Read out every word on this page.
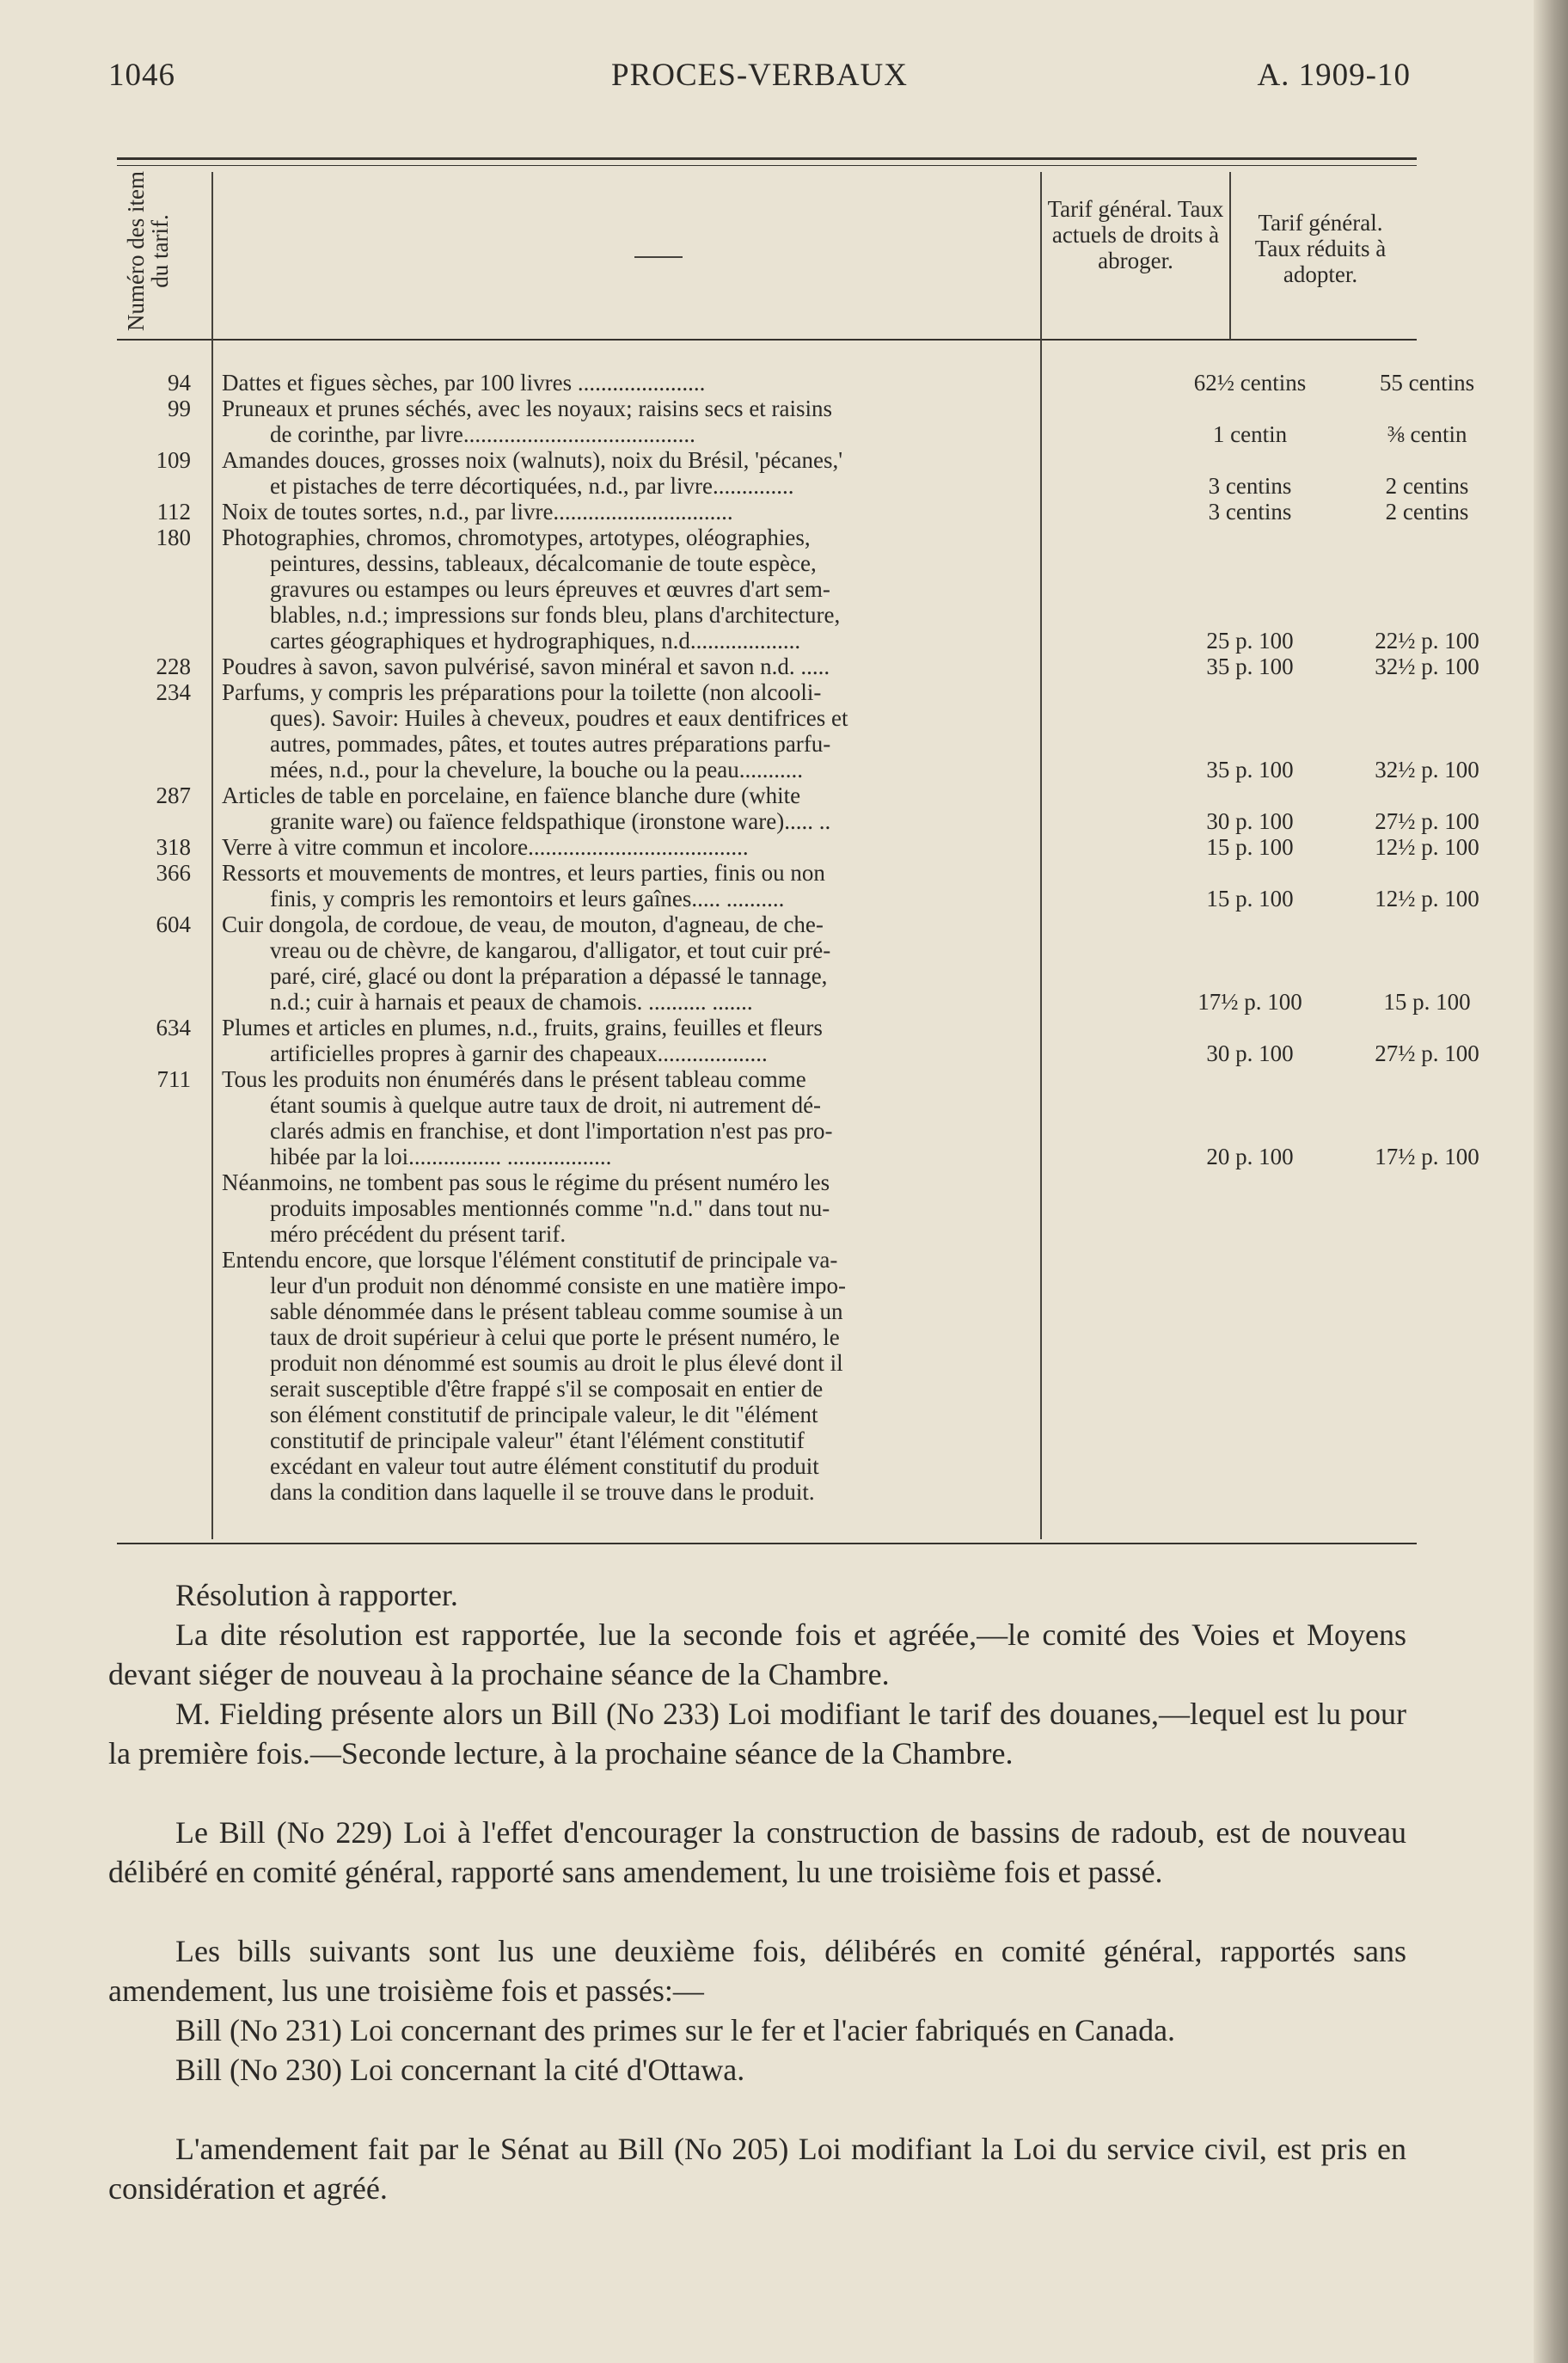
1046	PROCES-VERBAUX	A. 1909-10
Numéro des item du tarif.
Tarif général. Taux actuels de droits à abroger.
Tarif général. Taux réduits à adopter.
94 Dattes et figues sèches, par 100 livres ......................	62½ centins	55 centins
99 Pruneaux et prunes séchés, avec les noyaux; raisins secs et raisins
de corinthe, par livre........................................	1 centin	⅜ centin
109 Amandes douces, grosses noix (walnuts), noix du Brésil, 'pécanes,'
et pistaches de terre décortiquées, n.d., par livre..............	3 centins	2 centins
112 Noix de toutes sortes, n.d., par livre...............................	3 centins	2 centins
180 Photographies, chromos, chromotypes, artotypes, oléographies,
peintures, dessins, tableaux, décalcomanie de toute espèce,
gravures ou estampes ou leurs épreuves et œuvres d'art sem-
blables, n.d.; impressions sur fonds bleu, plans d'architecture,
cartes géographiques et hydrographiques, n.d...................	25 p. 100	22½ p. 100
228 Poudres à savon, savon pulvérisé, savon minéral et savon n.d. .....	35 p. 100	32½ p. 100
234 Parfums, y compris les préparations pour la toilette (non alcooli-
ques). Savoir: Huiles à cheveux, poudres et eaux dentifrices et
autres, pommades, pâtes, et toutes autres préparations parfu-
mées, n.d., pour la chevelure, la bouche ou la peau...........	35 p. 100	32½ p. 100
287 Articles de table en porcelaine, en faïence blanche dure (white
granite ware) ou faïence feldspathique (ironstone ware)..... ..	30 p. 100	27½ p. 100
318 Verre à vitre commun et incolore......................................	15 p. 100	12½ p. 100
366 Ressorts et mouvements de montres, et leurs parties, finis ou non
finis, y compris les remontoirs et leurs gaînes..... ..........	15 p. 100	12½ p. 100
604 Cuir dongola, de cordoue, de veau, de mouton, d'agneau, de che-
vreau ou de chèvre, de kangarou, d'alligator, et tout cuir pré-
paré, ciré, glacé ou dont la préparation a dépassé le tannage,
n.d.; cuir à harnais et peaux de chamois. .......... .......	17½ p. 100	15 p. 100
634 Plumes et articles en plumes, n.d., fruits, grains, feuilles et fleurs
artificielles propres à garnir des chapeaux...................	30 p. 100	27½ p. 100
711 Tous les produits non énumérés dans le présent tableau comme
étant soumis à quelque autre taux de droit, ni autrement dé-
clarés admis en franchise, et dont l'importation n'est pas pro-
hibée par la loi................ ..................	20 p. 100	17½ p. 100
Néanmoins, ne tombent pas sous le régime du présent numéro les
produits imposables mentionnés comme "n.d." dans tout nu-
méro précédent du présent tarif.
Entendu encore, que lorsque l'élément constitutif de principale va-
leur d'un produit non dénommé consiste en une matière impo-
sable dénommée dans le présent tableau comme soumise à un
taux de droit supérieur à celui que porte le présent numéro, le
produit non dénommé est soumis au droit le plus élevé dont il
serait susceptible d'être frappé s'il se composait en entier de
son élément constitutif de principale valeur, le dit "élément
constitutif de principale valeur" étant l'élément constitutif
excédant en valeur tout autre élément constitutif du produit
dans la condition dans laquelle il se trouve dans le produit.

Résolution à rapporter.

La dite résolution est rapportée, lue la seconde fois et agréée,—le comité des Voies et Moyens devant siéger de nouveau à la prochaine séance de la Chambre.

M. Fielding présente alors un Bill (No 233) Loi modifiant le tarif des douanes,—lequel est lu pour la première fois.—Seconde lecture, à la prochaine séance de la Chambre.

Le Bill (No 229) Loi à l'effet d'encourager la construction de bassins de radoub, est de nouveau délibéré en comité général, rapporté sans amendement, lu une troisième fois et passé.

Les bills suivants sont lus une deuxième fois, délibérés en comité général, rapportés sans amendement, lus une troisième fois et passés:—

Bill (No 231) Loi concernant des primes sur le fer et l'acier fabriqués en Canada.

Bill (No 230) Loi concernant la cité d'Ottawa.

L'amendement fait par le Sénat au Bill (No 205) Loi modifiant la Loi du service civil, est pris en considération et agréé.
